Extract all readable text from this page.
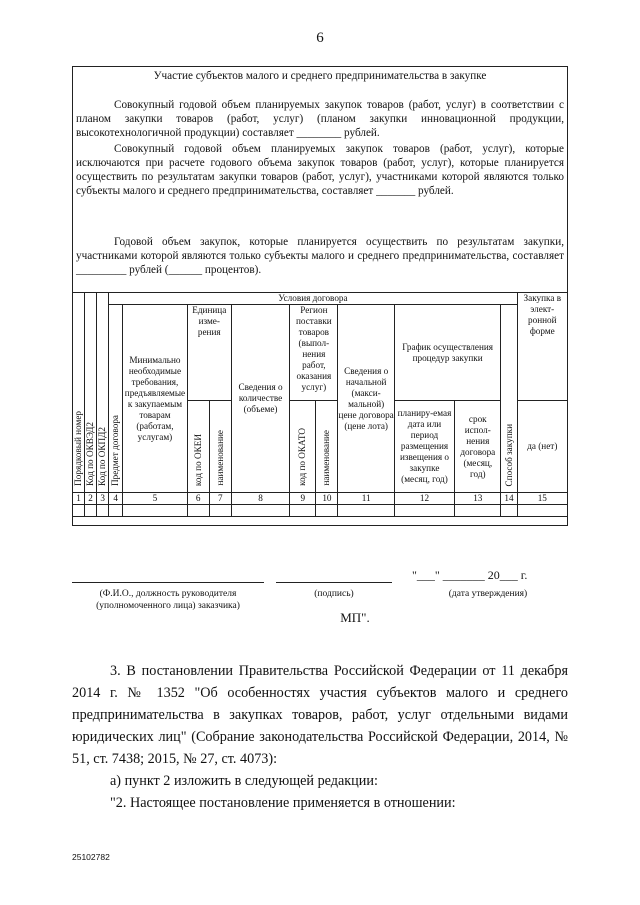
6
Участие субъектов малого и среднего предпринимательства в закупке

Совокупный годовой объем планируемых закупок товаров (работ, услуг) в соответствии с планом закупки товаров (работ, услуг) (планом закупки инновационной продукции, высокотехнологичной продукции) составляет ________ рублей.

Совокупный годовой объем планируемых закупок товаров (работ, услуг), которые исключаются при расчете годового объема закупок товаров (работ, услуг), которые планируется осуществить по результатам закупки товаров (работ, услуг), участниками которой являются только субъекты малого и среднего предпринимательства, составляет _______ рублей.

Годовой объем закупок, которые планируется осуществить по результатам закупки, участниками которой являются только субъекты малого и среднего предпринимательства, составляет _________ рублей (______ процентов).

Порядковый номер	Код по ОКВЭД2	Код по ОКПД2	Условия договора											Закупка в элект-ронной форме
			Предмет договора	Минимально необходимые требования, предъявляемые к закупаемым товарам (работам, услугам)	Единица изме-рения		Сведения о количестве (объеме)	Регион поставки товаров (выпол-нения работ, оказания услуг)		Сведения о начальной (макси-мальной) цене договора (цене лота)	График осуществления процедур закупки		Способ закупки	
					код по ОКЕИ	наименование		код по ОКАТО	наименование		планиру-емая дата или период размещения извещения о закупке (месяц, год)	срок испол-нения договора (месяц, год)		да (нет)
1	2	3	4	5	6	7	8	9	10	11	12	13	14	15

"___" _______ 20___ г.
(Ф.И.О., должность руководителя (уполномоченного лица) заказчика)
(подпись)	(дата утверждения)
МП".

3. В постановлении Правительства Российской Федерации от 11 декабря 2014 г. № 1352 "Об особенностях участия субъектов малого и среднего предпринимательства в закупках товаров, работ, услуг отдельными видами юридических лиц" (Собрание законодательства Российской Федерации, 2014, № 51, ст. 7438; 2015, № 27, ст. 4073):

а) пункт 2 изложить в следующей редакции:

"2. Настоящее постановление применяется в отношении:

25102782
